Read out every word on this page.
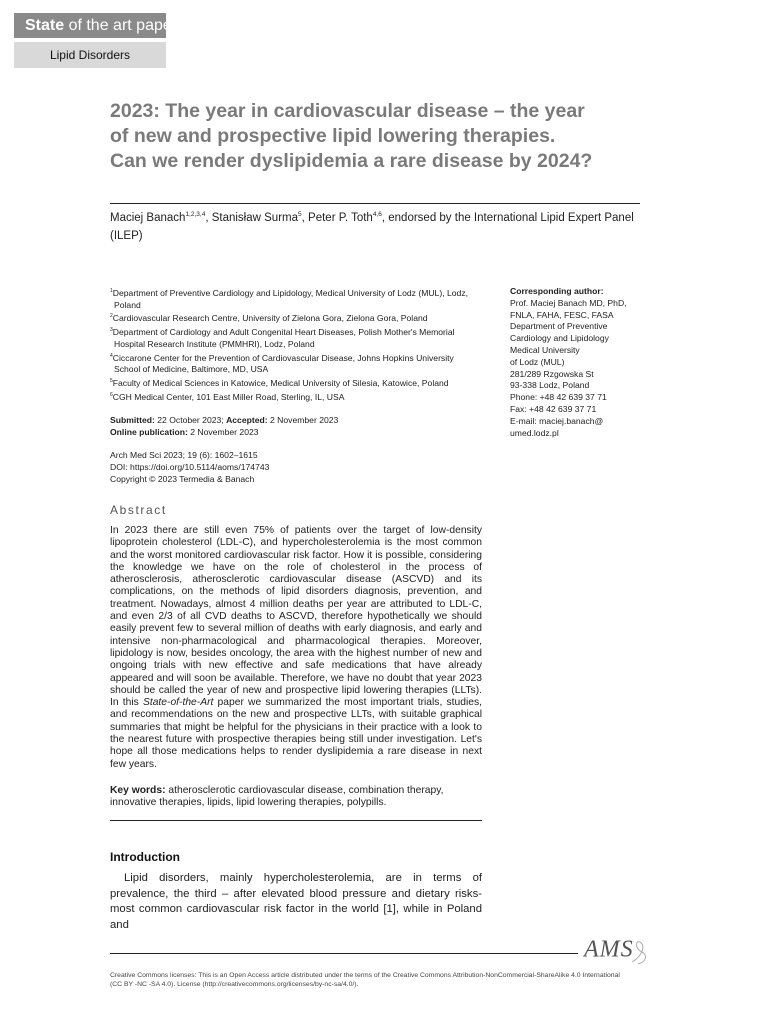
State of the art paper
Lipid Disorders
2023: The year in cardiovascular disease – the year
of new and prospective lipid lowering therapies.
Can we render dyslipidemia a rare disease by 2024?
Maciej Banach$^{1,2,3,4}$, Stanisław Surma$^5$, Peter P. Toth$^{4,6}$, endorsed by the International Lipid Expert Panel (ILEP)
$^1$Department of Preventive Cardiology and Lipidology, Medical University of Lodz (MUL), Lodz, Poland
$^2$Cardiovascular Research Centre, University of Zielona Gora, Zielona Gora, Poland
$^3$Department of Cardiology and Adult Congenital Heart Diseases, Polish Mother's Memorial Hospital Research Institute (PMMHRI), Lodz, Poland
$^4$Ciccarone Center for the Prevention of Cardiovascular Disease, Johns Hopkins University School of Medicine, Baltimore, MD, USA
$^5$Faculty of Medical Sciences in Katowice, Medical University of Silesia, Katowice, Poland
$^6$CGH Medical Center, 101 East Miller Road, Sterling, IL, USA
Corresponding author:
Prof. Maciej Banach MD, PhD,
FNLA, FAHA, FESC, FASA
Department of Preventive
Cardiology and Lipidology
Medical University
of Lodz (MUL)
281/289 Rzgowska St
93-338 Lodz, Poland
Phone: +48 42 639 37 71
Fax: +48 42 639 37 71
E-mail: maciej.banach@
umed.lodz.pl
Submitted: 22 October 2023; Accepted: 2 November 2023
Online publication: 2 November 2023
Arch Med Sci 2023; 19 (6): 1602–1615
DOI: https://doi.org/10.5114/aoms/174743
Copyright © 2023 Termedia & Banach
Abstract
In 2023 there are still even 75% of patients over the target of low-density lipoprotein cholesterol (LDL-C), and hypercholesterolemia is the most common and the worst monitored cardiovascular risk factor. How it is possible, considering the knowledge we have on the role of cholesterol in the process of atherosclerosis, atherosclerotic cardiovascular disease (ASCVD) and its complications, on the methods of lipid disorders diagnosis, prevention, and treatment. Nowadays, almost 4 million deaths per year are attributed to LDL-C, and even 2/3 of all CVD deaths to ASCVD, therefore hypothetically we should easily prevent few to several million of deaths with early diagnosis, and early and intensive non-pharmacological and pharmacological therapies. Moreover, lipidology is now, besides oncology, the area with the highest number of new and ongoing trials with new effective and safe medications that have already appeared and will soon be available. Therefore, we have no doubt that year 2023 should be called the year of new and prospective lipid lowering therapies (LLTs). In this State-of-the-Art paper we summarized the most important trials, studies, and recommendations on the new and prospective LLTs, with suitable graphical summaries that might be helpful for the physicians in their practice with a look to the nearest future with prospective therapies being still under investigation. Let's hope all those medications helps to render dyslipidemia a rare disease in next few years.
Key words: atherosclerotic cardiovascular disease, combination therapy, innovative therapies, lipids, lipid lowering therapies, polypills.
Introduction
Lipid disorders, mainly hypercholesterolemia, are in terms of prevalence, the third – after elevated blood pressure and dietary risks- most common cardiovascular risk factor in the world [1], while in Poland and
AMS
Creative Commons licenses: This is an Open Access article distributed under the terms of the Creative Commons Attribution-NonCommercial-ShareAlike 4.0 International (CC BY -NC -SA 4.0). License (http://creativecommons.org/licenses/by-nc-sa/4.0/).
